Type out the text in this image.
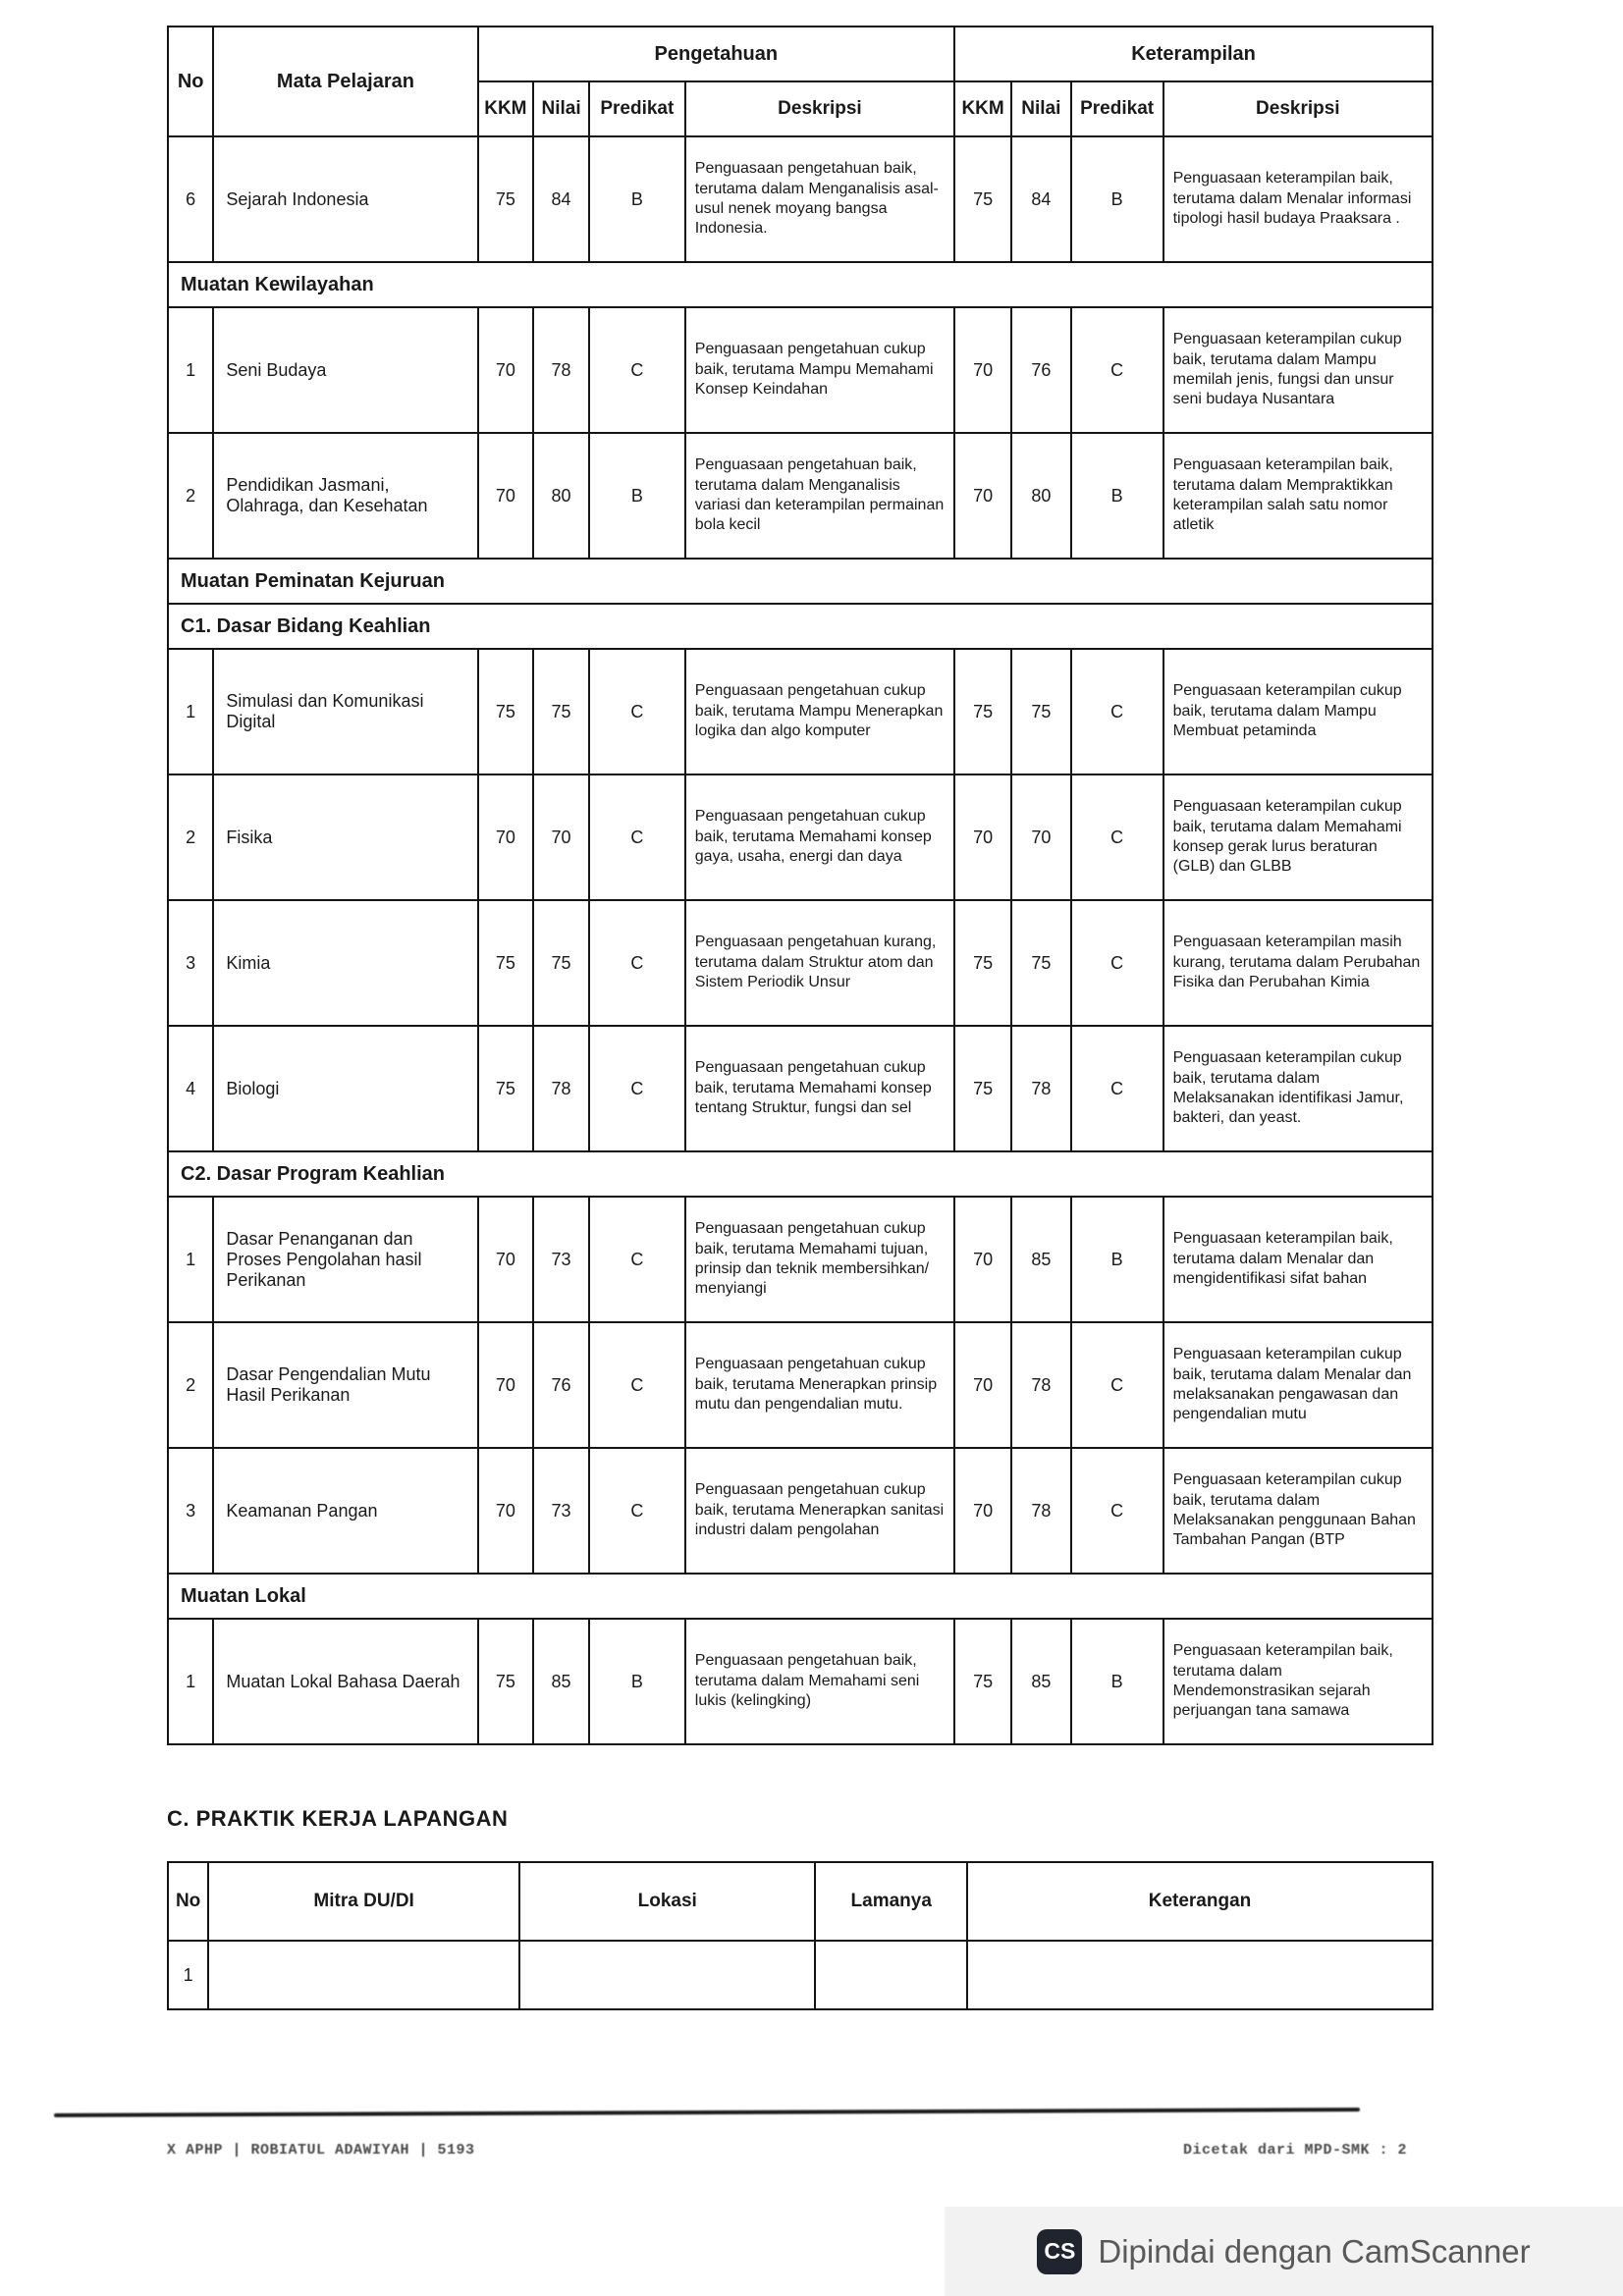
No	Mata Pelajaran	Pengetahuan				Keterampilan			
		KKM	Nilai	Predikat	Deskripsi	KKM	Nilai	Predikat	Deskripsi
6	Sejarah Indonesia	75	84	B	Penguasaan pengetahuan baik, terutama dalam Menganalisis asal-usul nenek moyang bangsa Indonesia.	75	84	B	Penguasaan keterampilan baik, terutama dalam Menalar informasi tipologi hasil budaya Praaksara .
Muatan Kewilayahan									
1	Seni Budaya	70	78	C	Penguasaan pengetahuan cukup baik, terutama Mampu Memahami Konsep Keindahan	70	76	C	Penguasaan keterampilan cukup baik, terutama dalam Mampu memilah jenis, fungsi dan unsur seni budaya Nusantara
2	Pendidikan Jasmani, Olahraga, dan Kesehatan	70	80	B	Penguasaan pengetahuan baik, terutama dalam Menganalisis variasi dan keterampilan permainan bola kecil	70	80	B	Penguasaan keterampilan baik, terutama dalam Mempraktikkan keterampilan salah satu nomor atletik
Muatan Peminatan Kejuruan									
C1. Dasar Bidang Keahlian									
1	Simulasi dan Komunikasi Digital	75	75	C	Penguasaan pengetahuan cukup baik, terutama Mampu Menerapkan logika dan algo komputer	75	75	C	Penguasaan keterampilan cukup baik, terutama dalam Mampu Membuat petaminda
2	Fisika	70	70	C	Penguasaan pengetahuan cukup baik, terutama Memahami konsep gaya, usaha, energi dan daya	70	70	C	Penguasaan keterampilan cukup baik, terutama dalam Memahami konsep gerak lurus beraturan (GLB) dan GLBB
3	Kimia	75	75	C	Penguasaan pengetahuan kurang, terutama dalam Struktur atom dan Sistem Periodik Unsur	75	75	C	Penguasaan keterampilan masih kurang, terutama dalam Perubahan Fisika dan Perubahan Kimia
4	Biologi	75	78	C	Penguasaan pengetahuan cukup baik, terutama Memahami konsep tentang Struktur, fungsi dan sel	75	78	C	Penguasaan keterampilan cukup baik, terutama dalam Melaksanakan identifikasi Jamur, bakteri, dan yeast.
C2. Dasar Program Keahlian									
1	Dasar Penanganan dan Proses Pengolahan hasil Perikanan	70	73	C	Penguasaan pengetahuan cukup baik, terutama Memahami tujuan, prinsip dan teknik membersihkan/ menyiangi	70	85	B	Penguasaan keterampilan baik, terutama dalam Menalar dan mengidentifikasi sifat bahan
2	Dasar Pengendalian Mutu Hasil Perikanan	70	76	C	Penguasaan pengetahuan cukup baik, terutama Menerapkan prinsip mutu dan pengendalian mutu.	70	78	C	Penguasaan keterampilan cukup baik, terutama dalam Menalar dan melaksanakan pengawasan dan pengendalian mutu
3	Keamanan Pangan	70	73	C	Penguasaan pengetahuan cukup baik, terutama Menerapkan sanitasi industri dalam pengolahan	70	78	C	Penguasaan keterampilan cukup baik, terutama dalam Melaksanakan penggunaan Bahan Tambahan Pangan (BTP
Muatan Lokal									
1	Muatan Lokal Bahasa Daerah	75	85	B	Penguasaan pengetahuan baik, terutama dalam Memahami seni lukis (kelingking)	75	85	B	Penguasaan keterampilan baik, terutama dalam Mendemonstrasikan sejarah perjuangan tana samawa
C. PRAKTIK KERJA LAPANGAN
No	Mitra DU/DI	Lokasi	Lamanya	Keterangan
1				
X APHP | ROBIATUL ADAWIYAH | 5193	Dicetak dari MPD-SMK : 2
CS Dipindai dengan CamScanner
